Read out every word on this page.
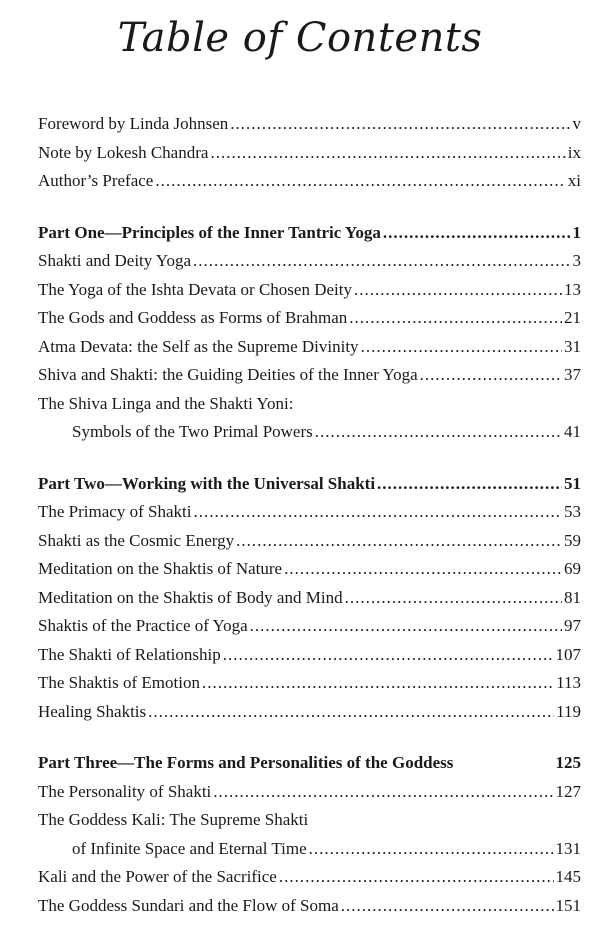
Table of Contents
Foreword by Linda Johnsen .....	v
Note by Lokesh Chandra .....	ix
Author’s Preface .....	xi
Part One—Principles of the Inner Tantric Yoga .....	1
Shakti and Deity Yoga .....	3
The Yoga of the Ishta Devata or Chosen Deity .....	13
The Gods and Goddess as Forms of Brahman .....	21
Atma Devata: the Self as the Supreme Divinity .....	31
Shiva and Shakti: the Guiding Deities of the Inner Yoga .....	37
The Shiva Linga and the Shakti Yoni:
Symbols of the Two Primal Powers .....	41
Part Two—Working with the Universal Shakti .....	51
The Primacy of Shakti .....	53
Shakti as the Cosmic Energy .....	59
Meditation on the Shaktis of Nature .....	69
Meditation on the Shaktis of Body and Mind .....	81
Shaktis of the Practice of Yoga .....	97
The Shakti of Relationship .....	107
The Shaktis of Emotion .....	113
Healing Shaktis .....	119
Part Three—The Forms and Personalities of the Goddess	125
The Personality of Shakti .....	127
The Goddess Kali: The Supreme Shakti
of Infinite Space and Eternal Time .....	131
Kali and the Power of the Sacrifice .....	145
The Goddess Sundari and the Flow of Soma .....	151
